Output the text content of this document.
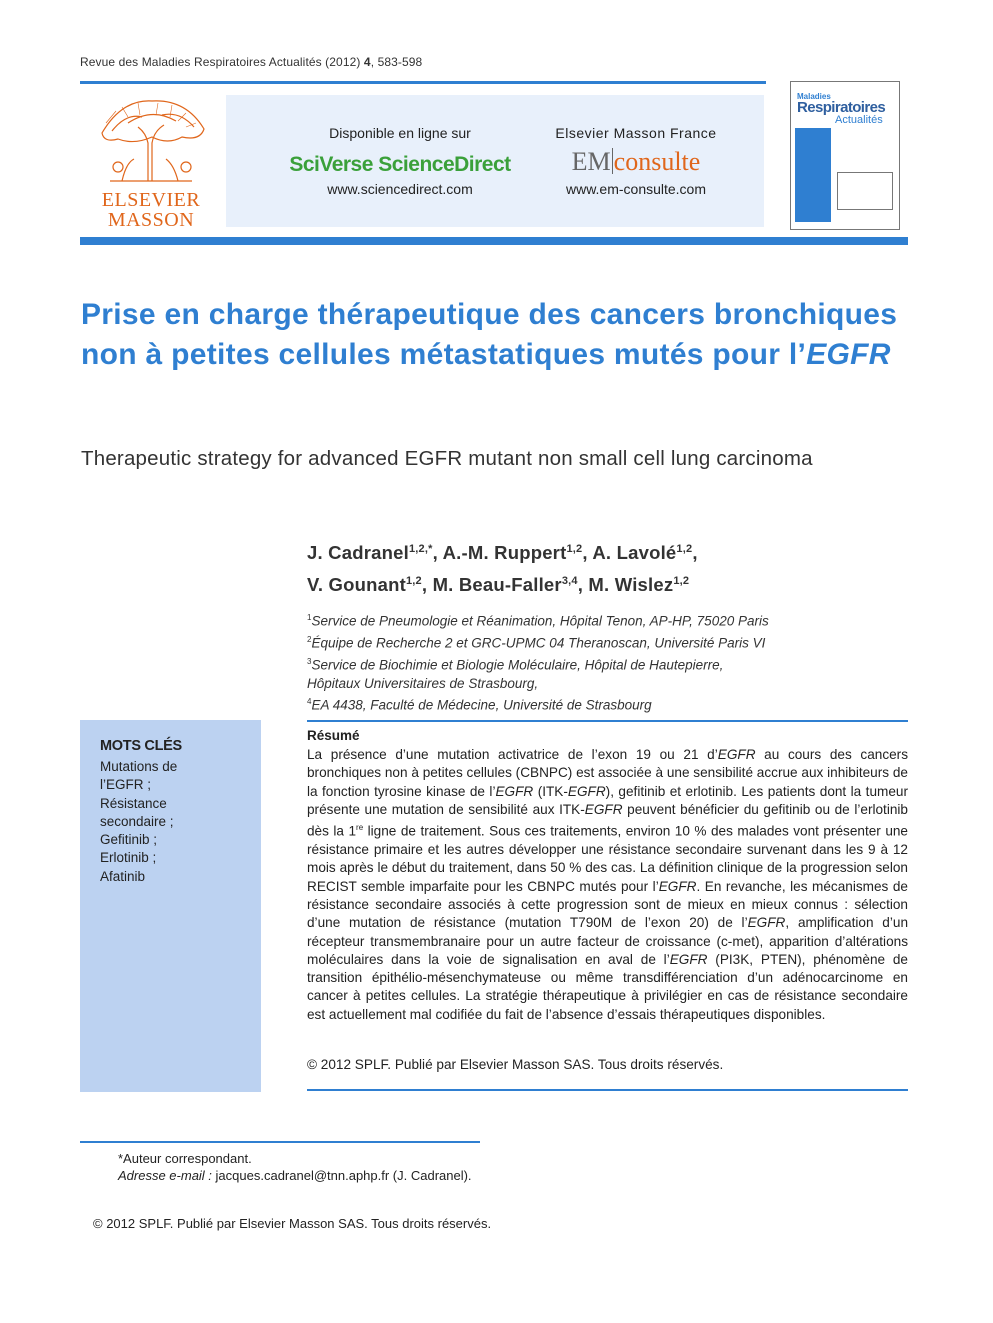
Revue des Maladies Respiratoires Actualités (2012) 4, 583-598
ELSEVIER
MASSON
Disponible en ligne sur
SciVerse ScienceDirect
www.sciencedirect.com
Elsevier Masson France
EM consulte
www.em-consulte.com
Maladies
Respiratoires
Actualités
Prise en charge thérapeutique des cancers bronchiques non à petites cellules métastatiques mutés pour l’EGFR
Therapeutic strategy for advanced EGFR mutant non small cell lung carcinoma
J. Cadranel$^{1,2,*}$, A.-M. Ruppert$^{1,2}$, A. Lavolé$^{1,2}$,
V. Gounant$^{1,2}$, M. Beau-Faller$^{3,4}$, M. Wislez$^{1,2}$
$^1$Service de Pneumologie et Réanimation, Hôpital Tenon, AP-HP, 75020 Paris
$^2$Équipe de Recherche 2 et GRC-UPMC 04 Theranoscan, Université Paris VI
$^3$Service de Biochimie et Biologie Moléculaire, Hôpital de Hautepierre,
Hôpitaux Universitaires de Strasbourg,
$^4$EA 4438, Faculté de Médecine, Université de Strasbourg
MOTS CLÉS
Mutations de
l’EGFR ;
Résistance
secondaire ;
Gefitinib ;
Erlotinib ;
Afatinib
Résumé
La présence d’une mutation activatrice de l’exon 19 ou 21 d’EGFR au cours des cancers bronchiques non à petites cellules (CBNPC) est associée à une sensibilité accrue aux inhibiteurs de la fonction tyrosine kinase de l’EGFR (ITK-EGFR), gefitinib et erlotinib. Les patients dont la tumeur présente une mutation de sensibilité aux ITK-EGFR peuvent bénéficier du gefitinib ou de l’erlotinib dès la 1re ligne de traitement. Sous ces traitements, environ 10 % des malades vont présenter une résistance primaire et les autres développer une résistance secondaire survenant dans les 9 à 12 mois après le début du traitement, dans 50 % des cas. La définition clinique de la progression selon RECIST semble imparfaite pour les CBNPC mutés pour l’EGFR. En revanche, les mécanismes de résistance secondaire associés à cette progression sont de mieux en mieux connus : sélection d’une mutation de résistance (mutation T790M de l’exon 20) de l’EGFR, amplification d’un récepteur transmembranaire pour un autre facteur de croissance (c-met), apparition d’altérations moléculaires dans la voie de signalisation en aval de l’EGFR (PI3K, PTEN), phénomène de transition épithélio-mésenchymateuse ou même transdifférenciation d’un adénocarcinome en cancer à petites cellules. La stratégie thérapeutique à privilégier en cas de résistance secondaire est actuellement mal codifiée du fait de l’absence d’essais thérapeutiques disponibles.
© 2012 SPLF. Publié par Elsevier Masson SAS. Tous droits réservés.
*Auteur correspondant.
Adresse e-mail : jacques.cadranel@tnn.aphp.fr (J. Cadranel).
© 2012 SPLF. Publié par Elsevier Masson SAS. Tous droits réservés.
